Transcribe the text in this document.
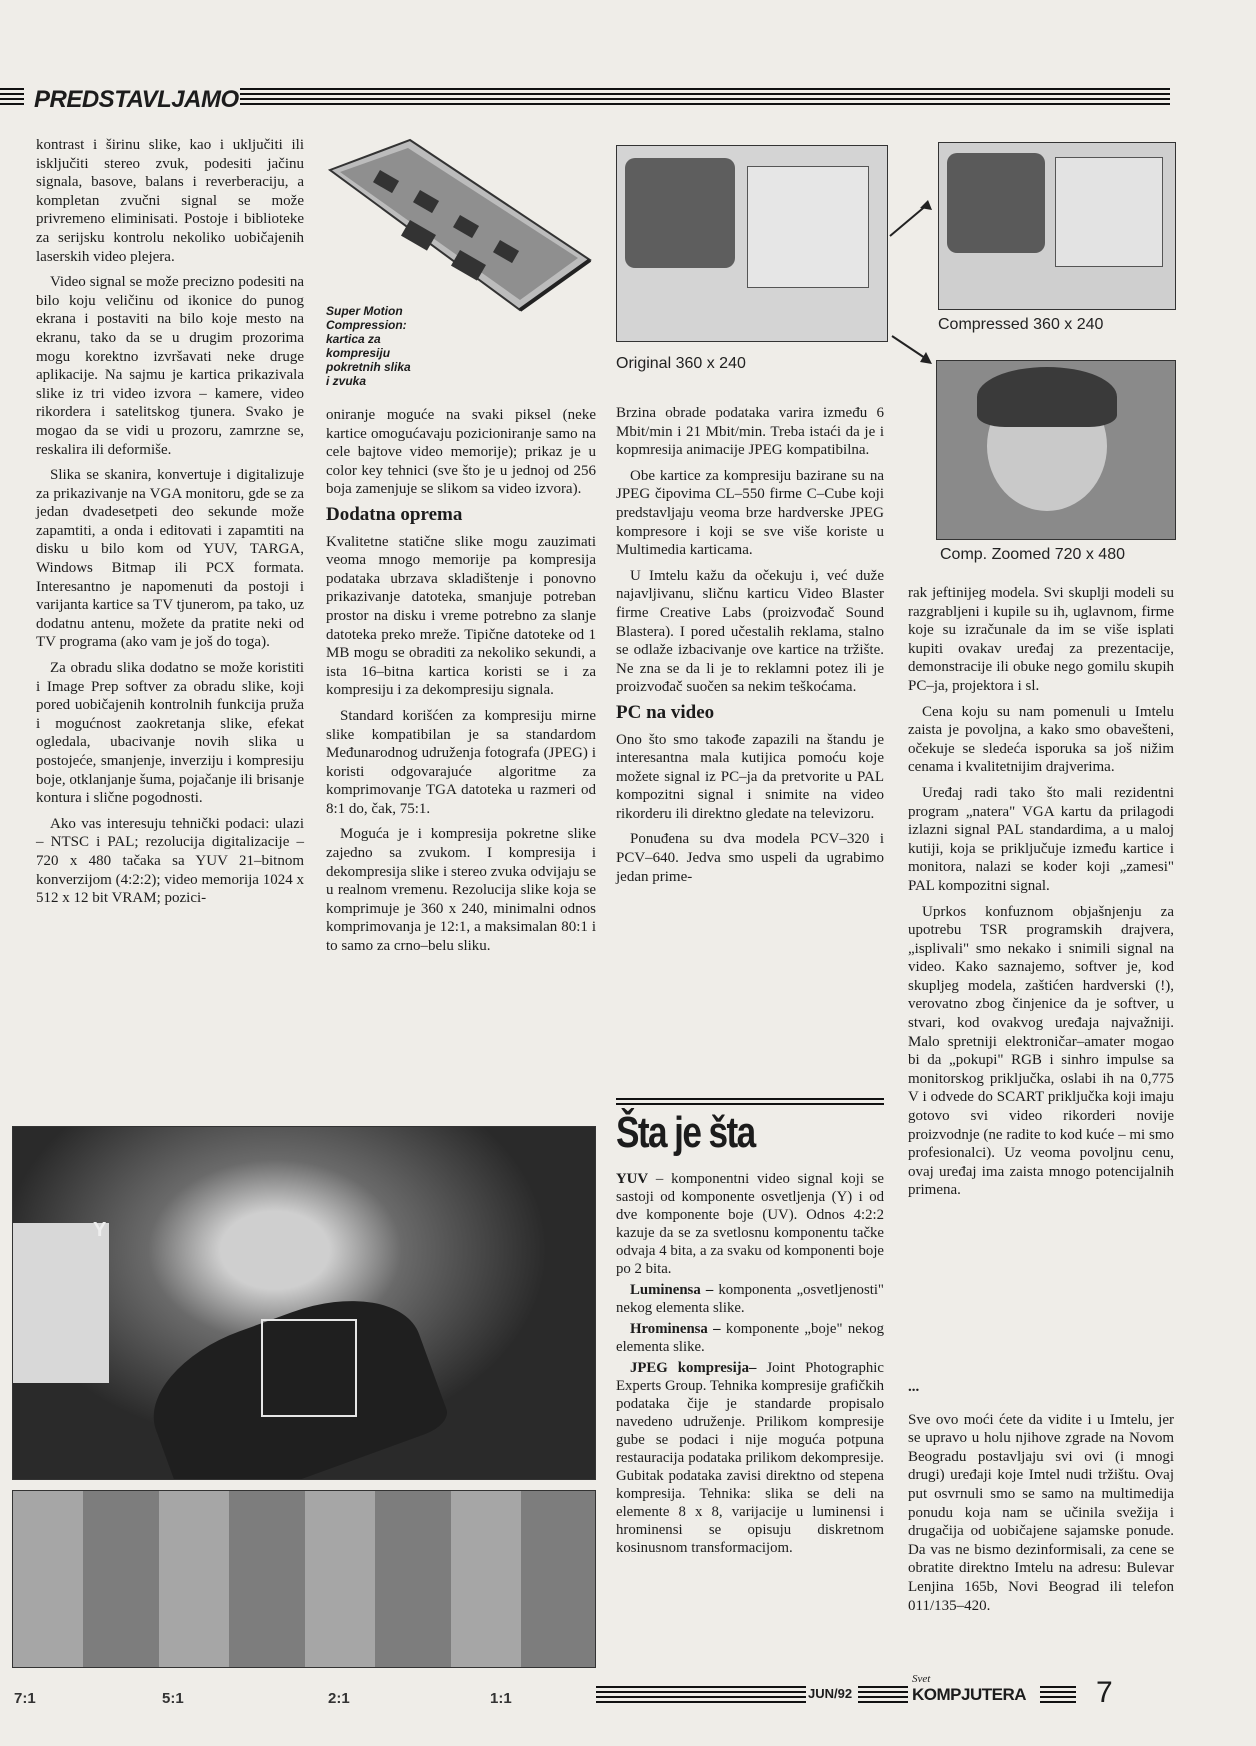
PREDSTAVLJAMO

kontrast i širinu slike, kao i uključiti ili isključiti stereo zvuk, podesiti jačinu signala, basove, balans i reverberaciju, a kompletan zvučni signal se može privremeno eliminisati. Postoje i biblioteke za serijsku kontrolu nekoliko uobičajenih laserskih video plejera.

Video signal se može precizno podesiti na bilo koju veličinu od ikonice do punog ekrana i postaviti na bilo koje mesto na ekranu, tako da se u drugim prozorima mogu korektno izvršavati neke druge aplikacije. Na sajmu je kartica prikazivala slike iz tri video izvora – kamere, video rikordera i satelitskog tjunera. Svako je mogao da se vidi u prozoru, zamrzne se, reskalira ili deformiše.

Slika se skanira, konvertuje i digitalizuje za prikazivanje na VGA monitoru, gde se za jedan dvadesetpeti deo sekunde može zapamtiti, a onda i editovati i zapamtiti na disku u bilo kom od YUV, TARGA, Windows Bitmap ili PCX formata. Interesantno je napomenuti da postoji i varijanta kartice sa TV tjunerom, pa tako, uz dodatnu antenu, možete da pratite neki od TV programa (ako vam je još do toga).

Za obradu slika dodatno se može koristiti i Image Prep softver za obradu slike, koji pored uobičajenih kontrolnih funkcija pruža i mogućnost zaokretanja slike, efekat ogledala, ubacivanje novih slika u postojeće, smanjenje, inverziju i kompresiju boje, otklanjanje šuma, pojačanje ili brisanje kontura i slične pogodnosti.

Ako vas interesuju tehnički podaci: ulazi – NTSC i PAL; rezolucija digitalizacije – 720 x 480 tačaka sa YUV 21–bitnom konverzijom (4:2:2); video memorija 1024 x 512 x 12 bit VRAM; pozici-

Super Motion
Compression:
kartica za
kompresiju
pokretnih slika
i zvuka

oniranje moguće na svaki piksel (neke kartice omogućavaju pozicioniranje samo na cele bajtove video memorije); prikaz je u color key tehnici (sve što je u jednoj od 256 boja zamenjuje se slikom sa video izvora).

Dodatna oprema

Kvalitetne statične slike mogu zauzimati veoma mnogo memorije pa kompresija podataka ubrzava skladištenje i ponovno prikazivanje datoteka, smanjuje potreban prostor na disku i vreme potrebno za slanje datoteka preko mreže. Tipične datoteke od 1 MB mogu se obraditi za nekoliko sekundi, a ista 16–bitna kartica koristi se i za kompresiju i za dekompresiju signala.

Standard korišćen za kompresiju mirne slike kompatibilan je sa standardom Međunarodnog udruženja fotografa (JPEG) i koristi odgovarajuće algoritme za komprimovanje TGA datoteka u razmeri od 8:1 do, čak, 75:1.

Moguća je i kompresija pokretne slike zajedno sa zvukom. I kompresija i dekompresija slike i stereo zvuka odvijaju se u realnom vremenu. Rezolucija slike koja se komprimuje je 360 x 240, minimalni odnos komprimovanja je 12:1, a maksimalan 80:1 i to samo za crno–belu sliku.

Original 360 x 240
Compressed 360 x 240
Comp. Zoomed 720 x 480

Brzina obrade podataka varira između 6 Mbit/min i 21 Mbit/min. Treba istaći da je i kopmresija animacije JPEG kompatibilna.

Obe kartice za kompresiju bazirane su na JPEG čipovima CL–550 firme C–Cube koji predstavljaju veoma brze hardverske JPEG kompresore i koji se sve više koriste u Multimedia karticama.

U Imtelu kažu da očekuju i, već duže najavljivanu, sličnu karticu Video Blaster firme Creative Labs (proizvođač Sound Blastera). I pored učestalih reklama, stalno se odlaže izbacivanje ove kartice na tržište. Ne zna se da li je to reklamni potez ili je proizvođač suočen sa nekim teškoćama.

PC na video

Ono što smo takođe zapazili na štandu je interesantna mala kutijica pomoću koje možete signal iz PC–ja da pretvorite u PAL kompozitni signal i snimite na video rikorderu ili direktno gledate na televizoru.

Ponuđena su dva modela PCV–320 i PCV–640. Jedva smo uspeli da ugrabimo jedan prime-

rak jeftinijeg modela. Svi skuplji modeli su razgrabljeni i kupile su ih, uglavnom, firme koje su izračunale da im se više isplati kupiti ovakav uređaj za prezentacije, demonstracije ili obuke nego gomilu skupih PC–ja, projektora i sl.

Cena koju su nam pomenuli u Imtelu zaista je povoljna, a kako smo obavešteni, očekuje se sledeća isporuka sa još nižim cenama i kvalitetnijim drajverima.

Uređaj radi tako što mali rezidentni program „natera" VGA kartu da prilagodi izlazni signal PAL standardima, a u maloj kutiji, koja se priključuje između kartice i monitora, nalazi se koder koji „zamesi" PAL kompozitni signal.

Uprkos konfuznom objašnjenju za upotrebu TSR programskih drajvera, „isplivali" smo nekako i snimili signal na video. Kako saznajemo, softver je, kod skupljeg modela, zaštićen hardverski (!), verovatno zbog činjenice da je softver, u stvari, kod ovakvog uređaja najvažniji. Malo spretniji elektroničar–amater mogao bi da „pokupi" RGB i sinhro impulse sa monitorskog priključka, oslabi ih na 0,775 V i odvede do SCART priključka koji imaju gotovo svi video rikorderi novije proizvodnje (ne radite to kod kuće – mi smo profesionalci). Uz veoma povoljnu cenu, ovaj uređaj ima zaista mnogo potencijalnih primena.

...

Sve ovo moći ćete da vidite i u Imtelu, jer se upravo u holu njihove zgrade na Novom Beogradu postavljaju svi ovi (i mnogi drugi) uređaji koje Imtel nudi tržištu. Ovaj put osvrnuli smo se samo na multimedija ponudu koja nam se učinila svežija i drugačija od uobičajene sajamske ponude. Da vas ne bismo dezinformisali, za cene se obratite direktno Imtelu na adresu: Bulevar Lenjina 165b, Novi Beograd ili telefon 011/135–420.

Šta je šta

YUV – komponentni video signal koji se sastoji od komponente osvetljenja (Y) i od dve komponente boje (UV). Odnos 4:2:2 kazuje da se za svetlosnu komponentu tačke odvaja 4 bita, a za svaku od komponenti boje po 2 bita.

Luminensa – komponenta „osvetljenosti" nekog elementa slike.

Hrominensa – komponente „boje" nekog elementa slike.

JPEG kompresija– Joint Photographic Experts Group. Tehnika kompresije grafičkih podataka čije je standarde propisalo navedeno udruženje. Prilikom kompresije gube se podaci i nije moguća potpuna restauracija podataka prilikom dekompresije. Gubitak podataka zavisi direktno od stepena kompresija. Tehnika: slika se deli na elemente 8 x 8, varijacije u luminensi i hrominensi se opisuju diskretnom kosinusnom transformacijom.

Y
7:1	5:1	2:1	1:1	JUN/92
Svet
KOMPJUTERA 7
